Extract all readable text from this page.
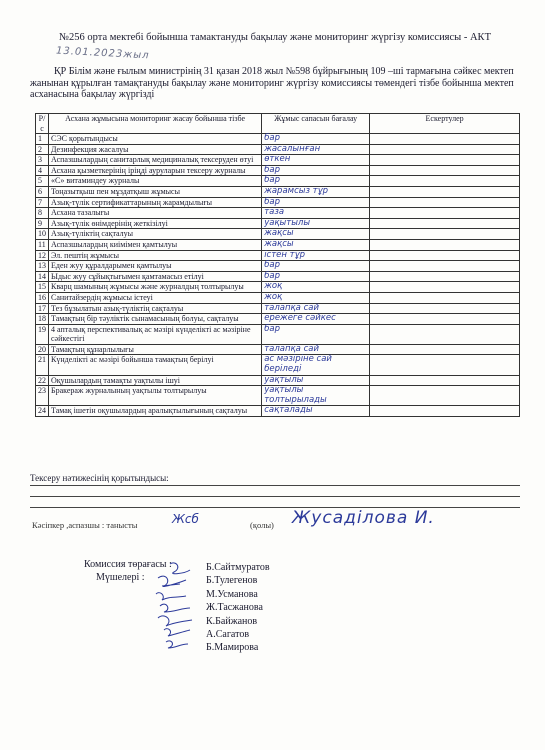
№256 орта мектебі бойынша тамактануды бақылау және мониторинг жүргізу комиссиясы - АКТ
13.01.2023жыл
ҚР Білім және ғылым министрінің 31 қазан 2018 жыл №598 бұйрығының 109 –ші тармағына сәйкес мектеп жанынан құрылған тамақтануды бақылау және мониторинг жүргізу комиссиясы төмендегі тізбе бойынша мектеп асханасына бақылау жүргізді
Р/с	Асхана жұмысына мониторинг жасау бойынша тізбе	Жұмыс сапасын бағалау	Ескертулер
1	СЭС қорытындысы	бар	
2	Дезинфекция жасалуы	жасалынған	
3	Аспазшылардың санитарлық медициналық тексеруден өтуі	өткен	
4	Асхана қызметкерінің іріңді ауруларын тексеру журналы	бар	
5	«С» витаминдеу журналы	бар	
6	Тоңазытқыш пен мұздатқыш жұмысы	жарамсыз тұр	
7	Азық-түлік сертификаттарының жарамдылығы	бар	
8	Асхана тазалығы	таза	
9	Азық-түлік өнімдерінің жеткізілуі	уақытылы	
10	Азық-түліктің сақталуы	жақсы	
11	Аспазшылардың киімімен қамтылуы	жақсы	
12	Эл. пештің жұмысы	істен тұр	
13	Еден жуу құралдарымен қамтылуы	бар	
14	Ыдыс жуу сұйықтығымен қамтамасыз етілуі	бар	
15	Кварц шамының жұмысы және журналдың толтырылуы	жоқ	
16	Санитайзердің жұмысы істеуі	жоқ	
17	Тез бұзылатын азық-түліктің сақталуы	талапқа сай	
18	Тамақтың бір тәуліктік сынамасының болуы, сақталуы	ережеге сәйкес	
19	4 апталық перспективалық ас мәзірі күнделікті ас мәзіріне сәйкестігі	бар	
20	Тамақтың құнарлылығы	талапқа сай	
21	Күнделікті ас мәзірі бойынша тамақтың берілуі	ас мәзіріне сай беріледі	
22	Оқушылардың тамақты уақтылы ішуі	уақтылы	
23	Бракераж журналының уақтылы толтырылуы	уақтылы толтырылады	
24	Тамақ ішетін оқушылардың аралықтылығының сақталуы	сақталады	
Тексеру нәтижесінің қорытындысы:
Кәсіпкер ,аспазшы : танысты	Жсб	(қолы) Жусаділова И.
Комиссия төрағасы :
Мүшелері :
Б.Сайтмуратов
Б.Тулегенов
М.Усманова
Ж.Тасжанова
К.Байжанов
А.Сагатов
Б.Мамирова
